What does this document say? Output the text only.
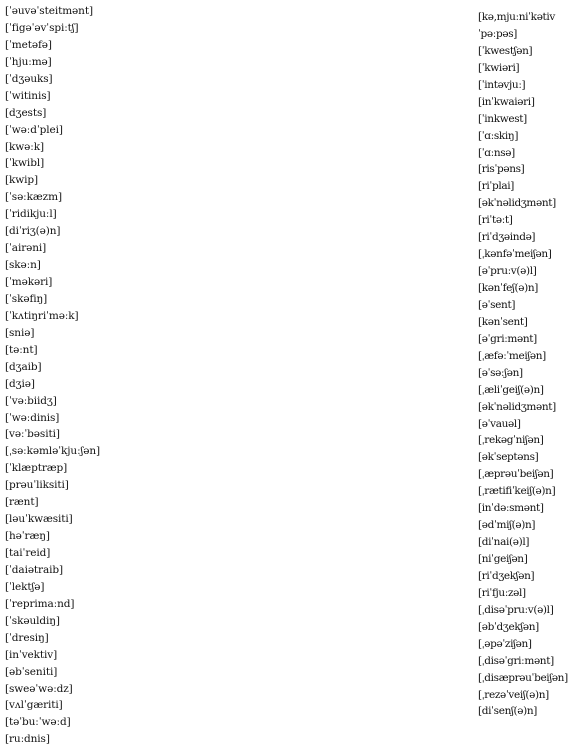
[ˈəuvəˈsteitmənt]
[ˈfigəˈəvˈspiːtʃ]
[ˈmetəfə]
[ˈhjuːmə]
[ˈdʒəuks]
[ˈwitinis]
[dʒests]
[ˈwəːdˈplei]
[kwəːk]
[ˈkwibl]
[kwip]
[ˈsəːkæzm]
[ˈridikjuːl]
[diˈriʒ(ə)n]
[ˈairəni]
[skəːn]
[ˈməkəri]
[ˈskəfiŋ]
[ˈkʌtiŋriˈməːk]
[sniə]
[təːnt]
[dʒaib]
[dʒiə]
[ˈvəːbiidʒ]
[ˈwəːdinis]
[vəːˈbəsiti]
[ˌsəːkəmləˈkjuːʃən]
[ˈklæptræp]
[prəuˈliksiti]
[rænt]
[ləuˈkwæsiti]
[həˈræŋ]
[taiˈreid]
[ˈdaiətraib]
[ˈlektʃə]
[ˈreprimaːnd]
[ˈskəuldiŋ]
[ˈdresiŋ]
[inˈvektiv]
[əbˈseniti]
[sweəˈwəːdz]
[vʌlˈgæriti]
[təˈbuːˈwəːd]
[ruːdnis]
[kə,mjuːniˈkətiv
ˈpəːpəs]
[ˈkwestʃən]
[ˈkwiəri]
[ˈintəvjuː]
[inˈkwaiəri]
[ˈinkwest]
[ˈɑːskiŋ]
[ˈɑːnsə]
[risˈpəns]
[riˈplai]
[əkˈnəlidʒmənt]
[riˈtəːt]
[riˈdʒəində]
[ˌkənfəˈmeiʃən]
[əˈpruːv(ə)l]
[kənˈfeʃ(ə)n]
[əˈsent]
[kənˈsent]
[əˈgriːmənt]
[ˌæfəːˈmeiʃən]
[əˈsəːʃən]
[ˌæliˈgeiʃ(ə)n]
[əkˈnəlidʒmənt]
[əˈvauəl]
[ˌrekəgˈniʃən]
[əkˈseptəns]
[ˌæprəuˈbeiʃən]
[ˌrætifiˈkeiʃ(ə)n]
[inˈdəːsmənt]
[ədˈmiʃ(ə)n]
[diˈnai(ə)l]
[niˈgeiʃən]
[riˈdʒekʃən]
[riˈfjuːzəl]
[ˌdisəˈpruːv(ə)l]
[əbˈdʒekʃən]
[ˌəpəˈziʃən]
[ˌdisəˈgriːmənt]
[ˌdisæprəuˈbeiʃən]
[ˌrezəˈveiʃ(ə)n]
[diˈsenʃ(ə)n]
